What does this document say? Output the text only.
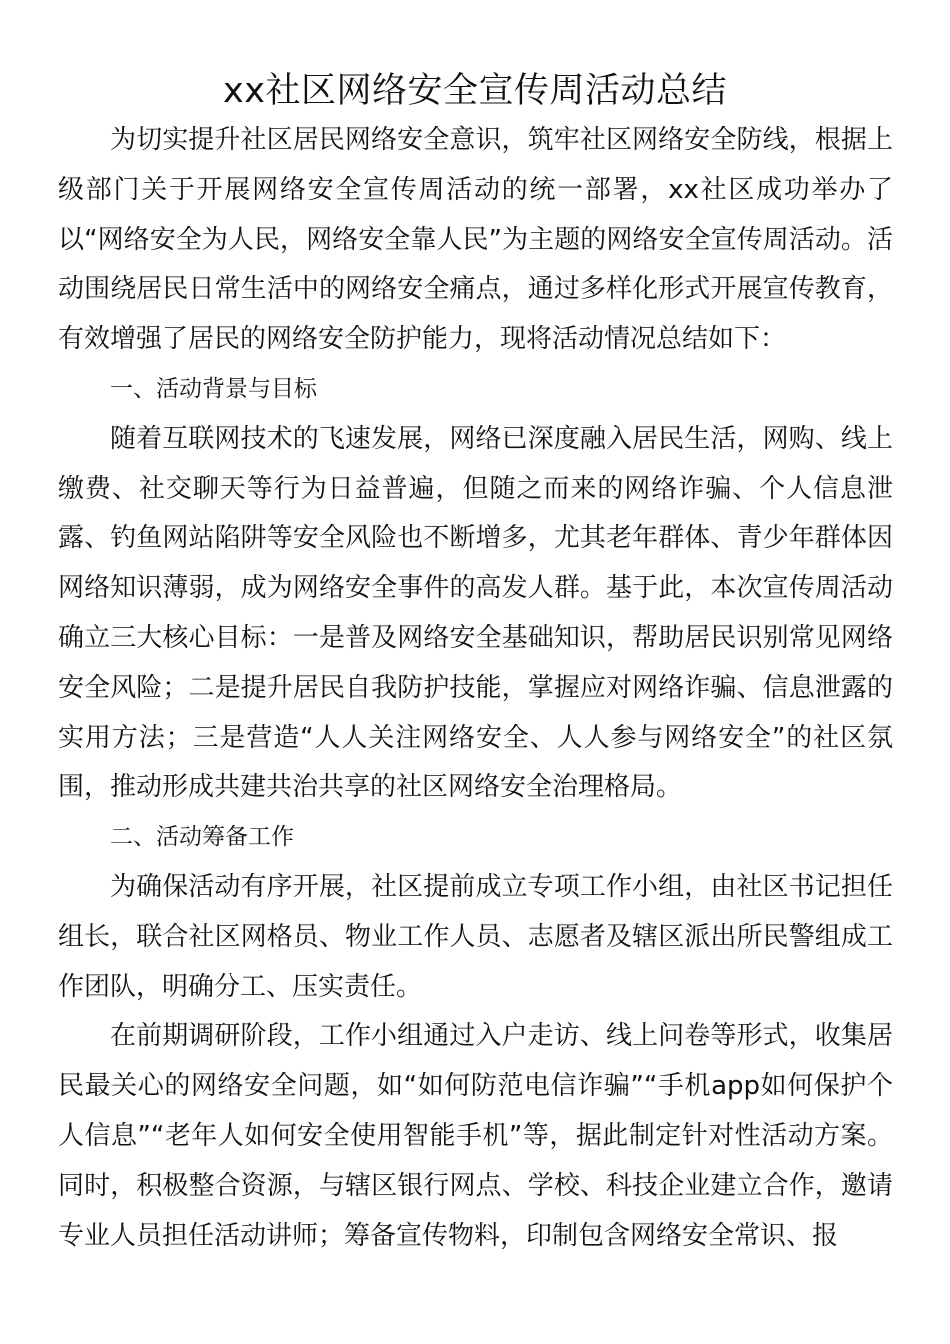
xx社区网络安全宣传周活动总结

为切实提升社区居民网络安全意识，筑牢社区网络安全防线，根据上级部门关于开展网络安全宣传周活动的统一部署，xx社区成功举办了以“网络安全为人民，网络安全靠人民”为主题的网络安全宣传周活动。活动围绕居民日常生活中的网络安全痛点，通过多样化形式开展宣传教育，有效增强了居民的网络安全防护能力，现将活动情况总结如下：

一、活动背景与目标

随着互联网技术的飞速发展，网络已深度融入居民生活，网购、线上缴费、社交聊天等行为日益普遍，但随之而来的网络诈骗、个人信息泄露、钓鱼网站陷阱等安全风险也不断增多，尤其老年群体、青少年群体因网络知识薄弱，成为网络安全事件的高发人群。基于此，本次宣传周活动确立三大核心目标：一是普及网络安全基础知识，帮助居民识别常见网络安全风险；二是提升居民自我防护技能，掌握应对网络诈骗、信息泄露的实用方法；三是营造“人人关注网络安全、人人参与网络安全”的社区氛围，推动形成共建共治共享的社区网络安全治理格局。

二、活动筹备工作

为确保活动有序开展，社区提前成立专项工作小组，由社区书记担任组长，联合社区网格员、物业工作人员、志愿者及辖区派出所民警组成工作团队，明确分工、压实责任。

在前期调研阶段，工作小组通过入户走访、线上问卷等形式，收集居民最关心的网络安全问题，如“如何防范电信诈骗”“手机app如何保护个人信息”“老年人如何安全使用智能手机”等，据此制定针对性活动方案。同时，积极整合资源，与辖区银行网点、学校、科技企业建立合作，邀请专业人员担任活动讲师；筹备宣传物料，印制包含网络安全常识、报
